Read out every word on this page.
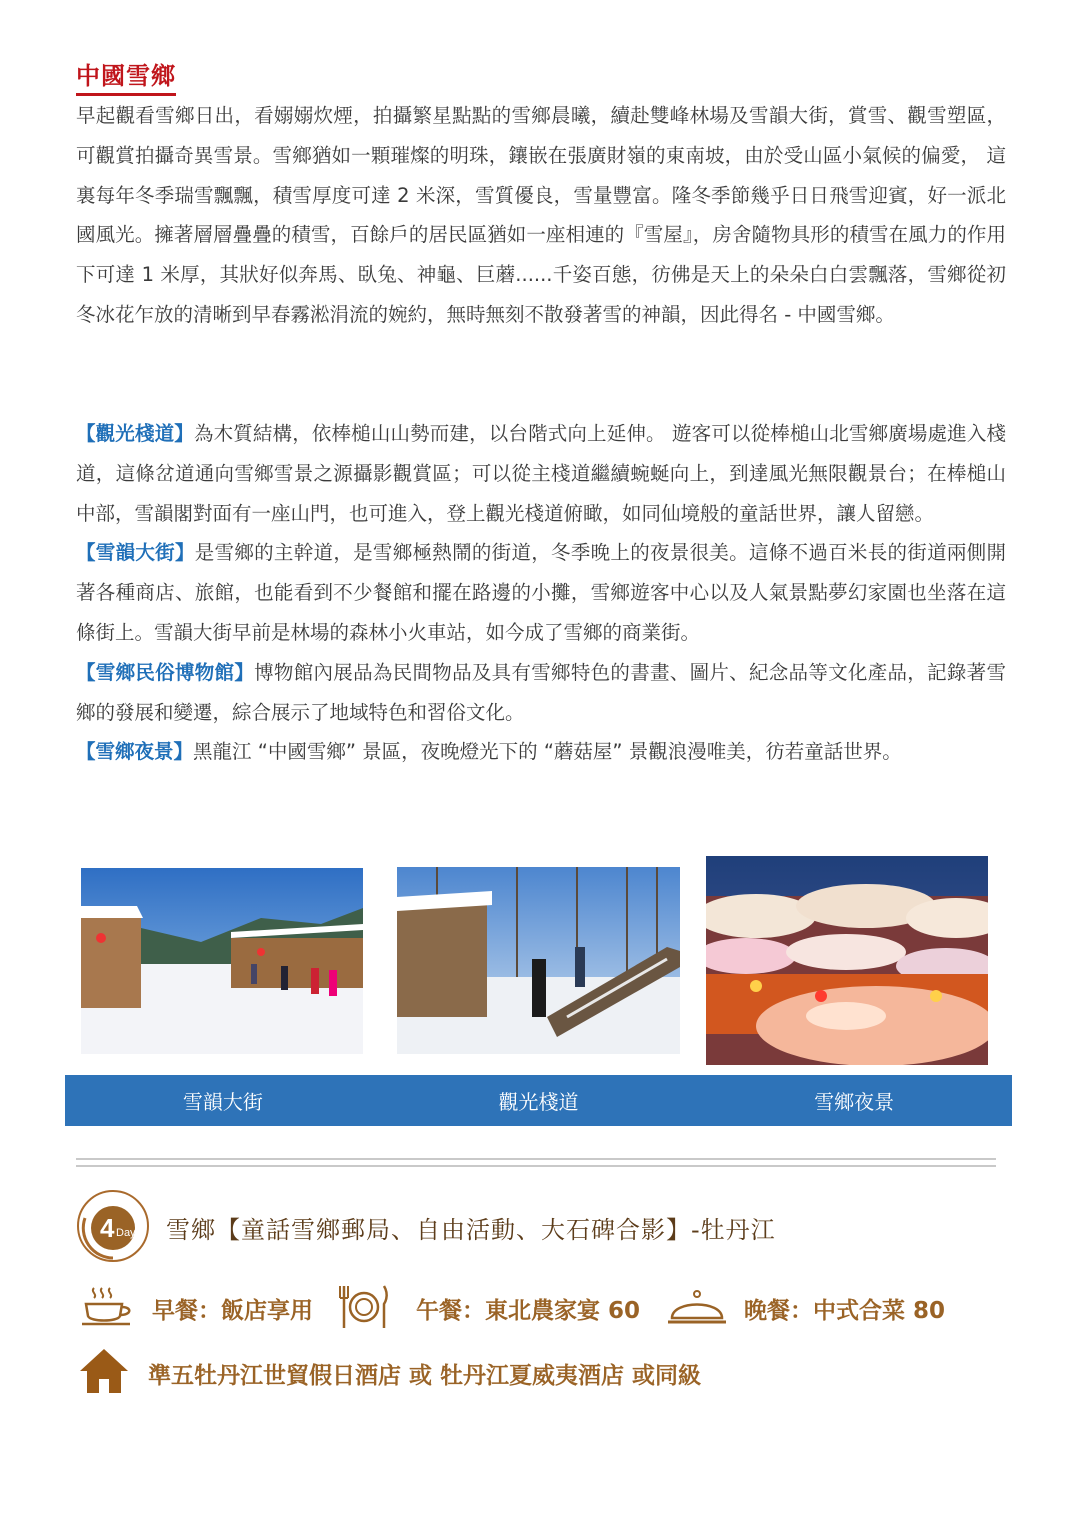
中國雪鄉

早起觀看雪鄉日出，看嫋嫋炊煙，拍攝繁星點點的雪鄉晨曦，續赴雙峰林場及雪韻大街，賞雪、觀雪塑區，可觀賞拍攝奇異雪景。雪鄉猶如一顆璀燦的明珠，鑲嵌在張廣財嶺的東南坡，由於受山區小氣候的偏愛， 這裏每年冬季瑞雪飄飄，積雪厚度可達 2 米深，雪質優良，雪量豐富。隆冬季節幾乎日日飛雪迎賓，好一派北國風光。擁著層層疊疊的積雪，百餘戶的居民區猶如一座相連的『雪屋』，房舍隨物具形的積雪在風力的作用下可達 1 米厚，其狀好似奔馬、臥兔、神龜、巨蘑......千姿百態，彷佛是天上的朵朵白白雲飄落，雪鄉從初冬冰花乍放的清晰到早春霧淞涓流的婉約，無時無刻不散發著雪的神韻，因此得名 - 中國雪鄉。

【觀光棧道】為木質結構，依棒槌山山勢而建，以台階式向上延伸。 遊客可以從棒槌山北雪鄉廣場處進入棧道，這條岔道通向雪鄉雪景之源攝影觀賞區；可以從主棧道繼續蜿蜒向上，到達風光無限觀景台；在棒槌山中部，雪韻閣對面有一座山門，也可進入，登上觀光棧道俯瞰，如同仙境般的童話世界，讓人留戀。

【雪韻大街】是雪鄉的主幹道，是雪鄉極熱鬧的街道，冬季晚上的夜景很美。這條不過百米長的街道兩側開著各種商店、旅館，也能看到不少餐館和擺在路邊的小攤，雪鄉遊客中心以及人氣景點夢幻家園也坐落在這條街上。雪韻大街早前是林場的森林小火車站，如今成了雪鄉的商業街。

【雪鄉民俗博物館】博物館內展品為民間物品及具有雪鄉特色的書畫、圖片、紀念品等文化產品，記錄著雪鄉的發展和變遷，綜合展示了地域特色和習俗文化。

【雪鄉夜景】黑龍江 “中國雪鄉” 景區，夜晚燈光下的 “蘑菇屋” 景觀浪漫唯美，彷若童話世界。

雪韻大街	觀光棧道	雪鄉夜景
4 Day 雪鄉【童話雪鄉郵局、自由活動、大石碑合影】-牡丹江
早餐：飯店享用	午餐：東北農家宴 60	晚餐：中式合菜 80
準五牡丹江世貿假日酒店 或 牡丹江夏威夷酒店 或同級
